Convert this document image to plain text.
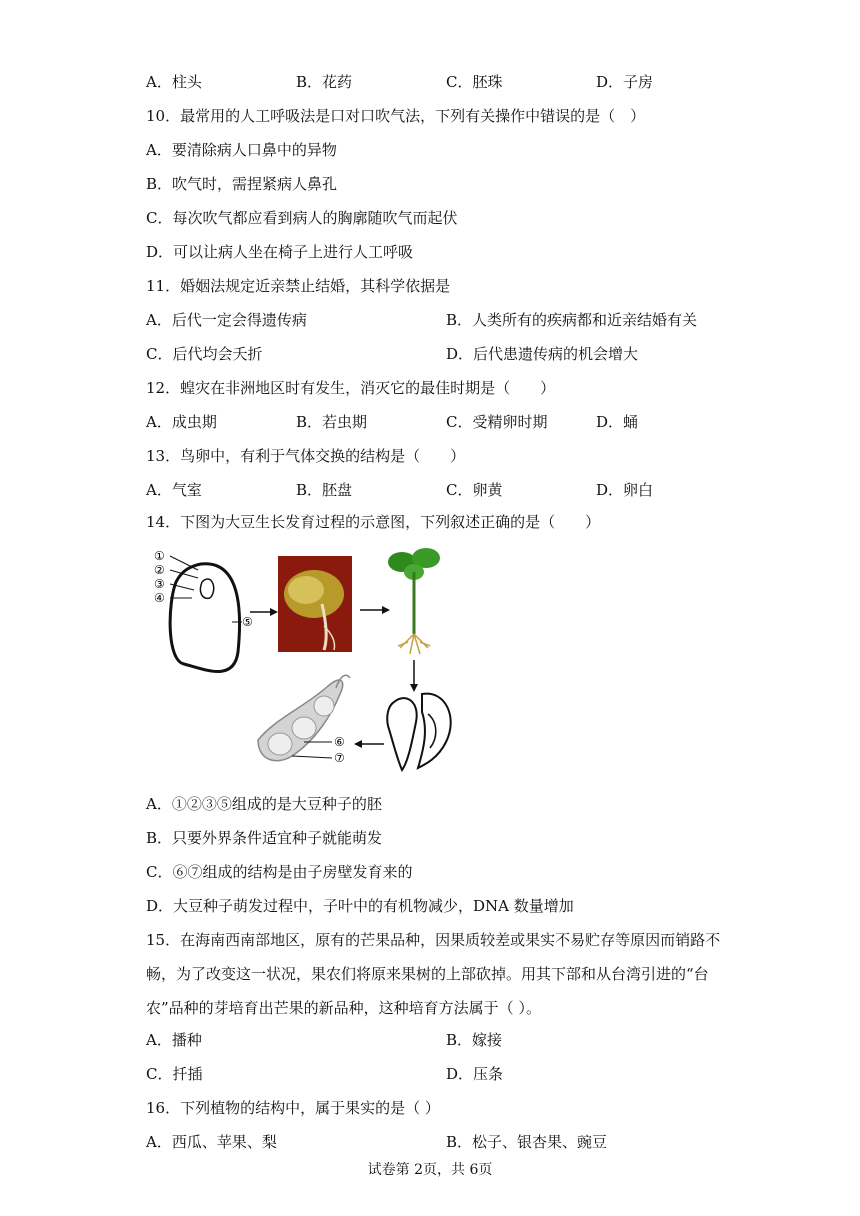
A．柱头	B．花药	C．胚珠	D．子房
10．最常用的人工呼吸法是口对口吹气法，下列有关操作中错误的是（　）
A．要清除病人口鼻中的异物
B．吹气时，需捏紧病人鼻孔
C．每次吹气都应看到病人的胸廓随吹气而起伏
D．可以让病人坐在椅子上进行人工呼吸
11．婚姻法规定近亲禁止结婚，其科学依据是
A．后代一定会得遗传病	B．人类所有的疾病都和近亲结婚有关
C．后代均会夭折	D．后代患遗传病的机会增大
12．蝗灾在非洲地区时有发生，消灭它的最佳时期是（　　）
A．成虫期	B．若虫期	C．受精卵时期	D．蛹
13．鸟卵中，有利于气体交换的结构是（　　）
A．气室	B．胚盘	C．卵黄	D．卵白
14．下图为大豆生长发育过程的示意图，下列叙述正确的是（　　）
①
②
③
④
⑤
⑥
⑦
A．①②③⑤组成的是大豆种子的胚
B．只要外界条件适宜种子就能萌发
C．⑥⑦组成的结构是由子房壁发育来的
D．大豆种子萌发过程中，子叶中的有机物减少，DNA 数量增加
15．在海南西南部地区，原有的芒果品种，因果质较差或果实不易贮存等原因而销路不
畅，为了改变这一状况，果农们将原来果树的上部砍掉。用其下部和从台湾引进的“台
农”品种的芽培育出芒果的新品种，这种培育方法属于（ ）。
A．播种	B．嫁接
C．扦插	D．压条
16．下列植物的结构中，属于果实的是（ ）
A．西瓜、苹果、梨	B．松子、银杏果、豌豆
试卷第 2页，共 6页
